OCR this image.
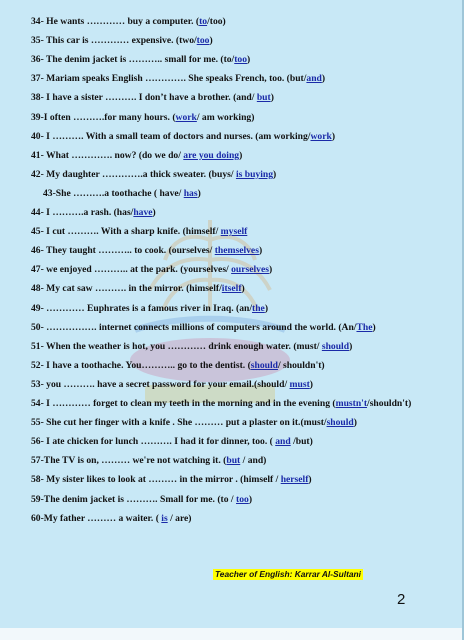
34- He wants ………… buy a computer. (to/too)
35- This car is ………… expensive. (two/too)
36- The denim jacket is ……….. small for me. (to/too)
37- Mariam speaks English …………. She speaks French, too. (but/and)
38- I have a sister ………. I don’t have a brother. (and/ but)
39-I often ……….for many hours. (work/ am working)
40- I ………. With a small team of doctors and nurses. (am working/work)
41- What …………. now? (do we do/ are you doing)
42- My daughter ………….a thick sweater. (buys/ is buying)
43-She ……….a toothache ( have/ has)
44- I ……….a rash. (has/have)
45- I cut ………. With a sharp knife. (himself/ myself
46- They taught ……….. to cook. (ourselves/ themselves)
47- we enjoyed ……….. at the park. (yourselves/ ourselves)
48- My cat saw ………. in the mirror. (himself/itself)
49- ………… Euphrates is a famous river in Iraq. (an/the)
50- ……………. internet connects millions of computers around the world. (An/The)
51- When the weather is hot, you ………… drink enough water. (must/ should)
52- I have a toothache. You……….. go to the dentist. (should/ shouldn't)
53- you ………. have a secret password for your email.(should/ must)
54- I ………… forget to clean my teeth in the morning and in the evening (mustn't/shouldn't)
55- She cut her finger with a knife . She ……… put a plaster on it.(must/should)
56- I ate chicken for lunch ………. I had it for dinner, too. ( and /but)
57-The TV is on, ……… we're not watching it. (but / and)
58- My sister likes to look at ……… in the mirror . (himself / herself)
59-The denim jacket is ………. Small for me. (to / too)
60-My father ……… a waiter. ( is / are)
Teacher of English: Karrar Al-Sultani
2
